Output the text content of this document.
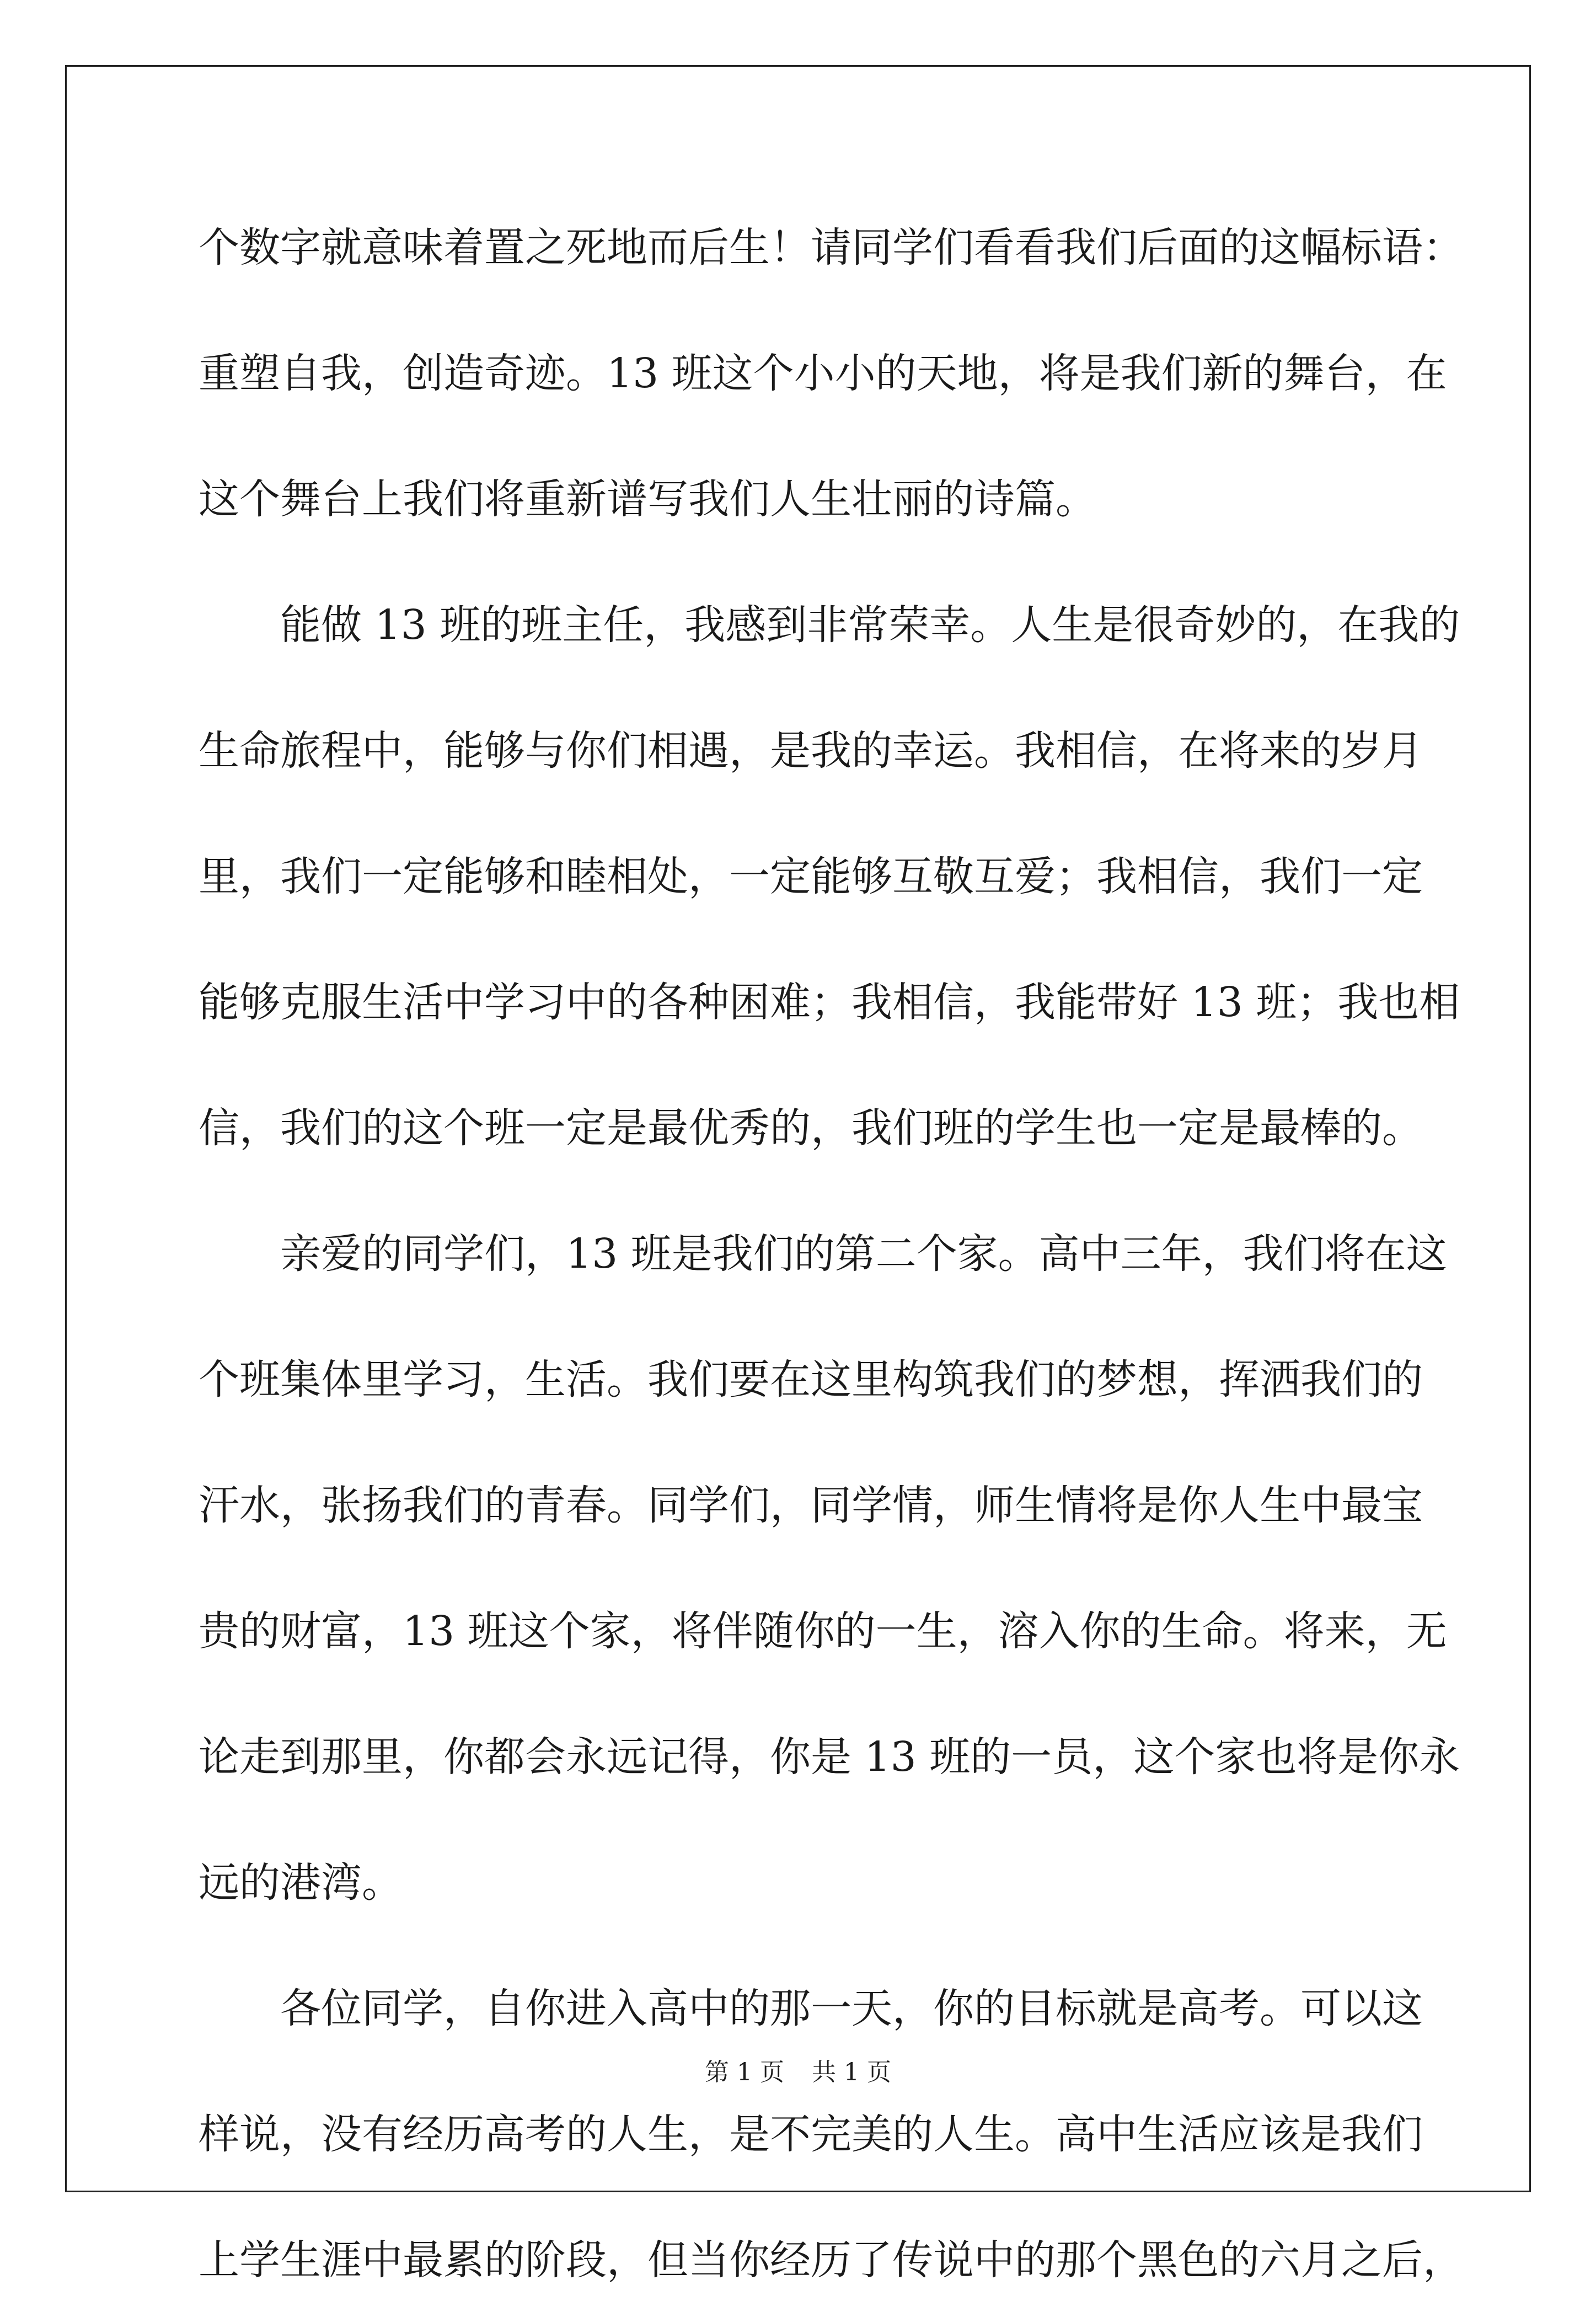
个数字就意味着置之死地而后生！请同学们看看我们后面的这幅标语：
重塑自我，创造奇迹。13 班这个小小的天地，将是我们新的舞台，在
这个舞台上我们将重新谱写我们人生壮丽的诗篇。
能做 13 班的班主任，我感到非常荣幸。人生是很奇妙的，在我的
生命旅程中，能够与你们相遇，是我的幸运。我相信，在将来的岁月
里，我们一定能够和睦相处，一定能够互敬互爱；我相信，我们一定
能够克服生活中学习中的各种困难；我相信，我能带好 13 班；我也相
信，我们的这个班一定是最优秀的，我们班的学生也一定是最棒的。
亲爱的同学们，13 班是我们的第二个家。高中三年，我们将在这
个班集体里学习，生活。我们要在这里构筑我们的梦想，挥洒我们的
汗水，张扬我们的青春。同学们，同学情，师生情将是你人生中最宝
贵的财富，13 班这个家，将伴随你的一生，溶入你的生命。将来，无
论走到那里，你都会永远记得，你是 13 班的一员，这个家也将是你永
远的港湾。
各位同学，自你进入高中的那一天，你的目标就是高考。可以这
样说，没有经历高考的人生，是不完美的人生。高中生活应该是我们
上学生涯中最累的阶段，但当你经历了传说中的那个黑色的六月之后，
第 1 页 共 1 页
